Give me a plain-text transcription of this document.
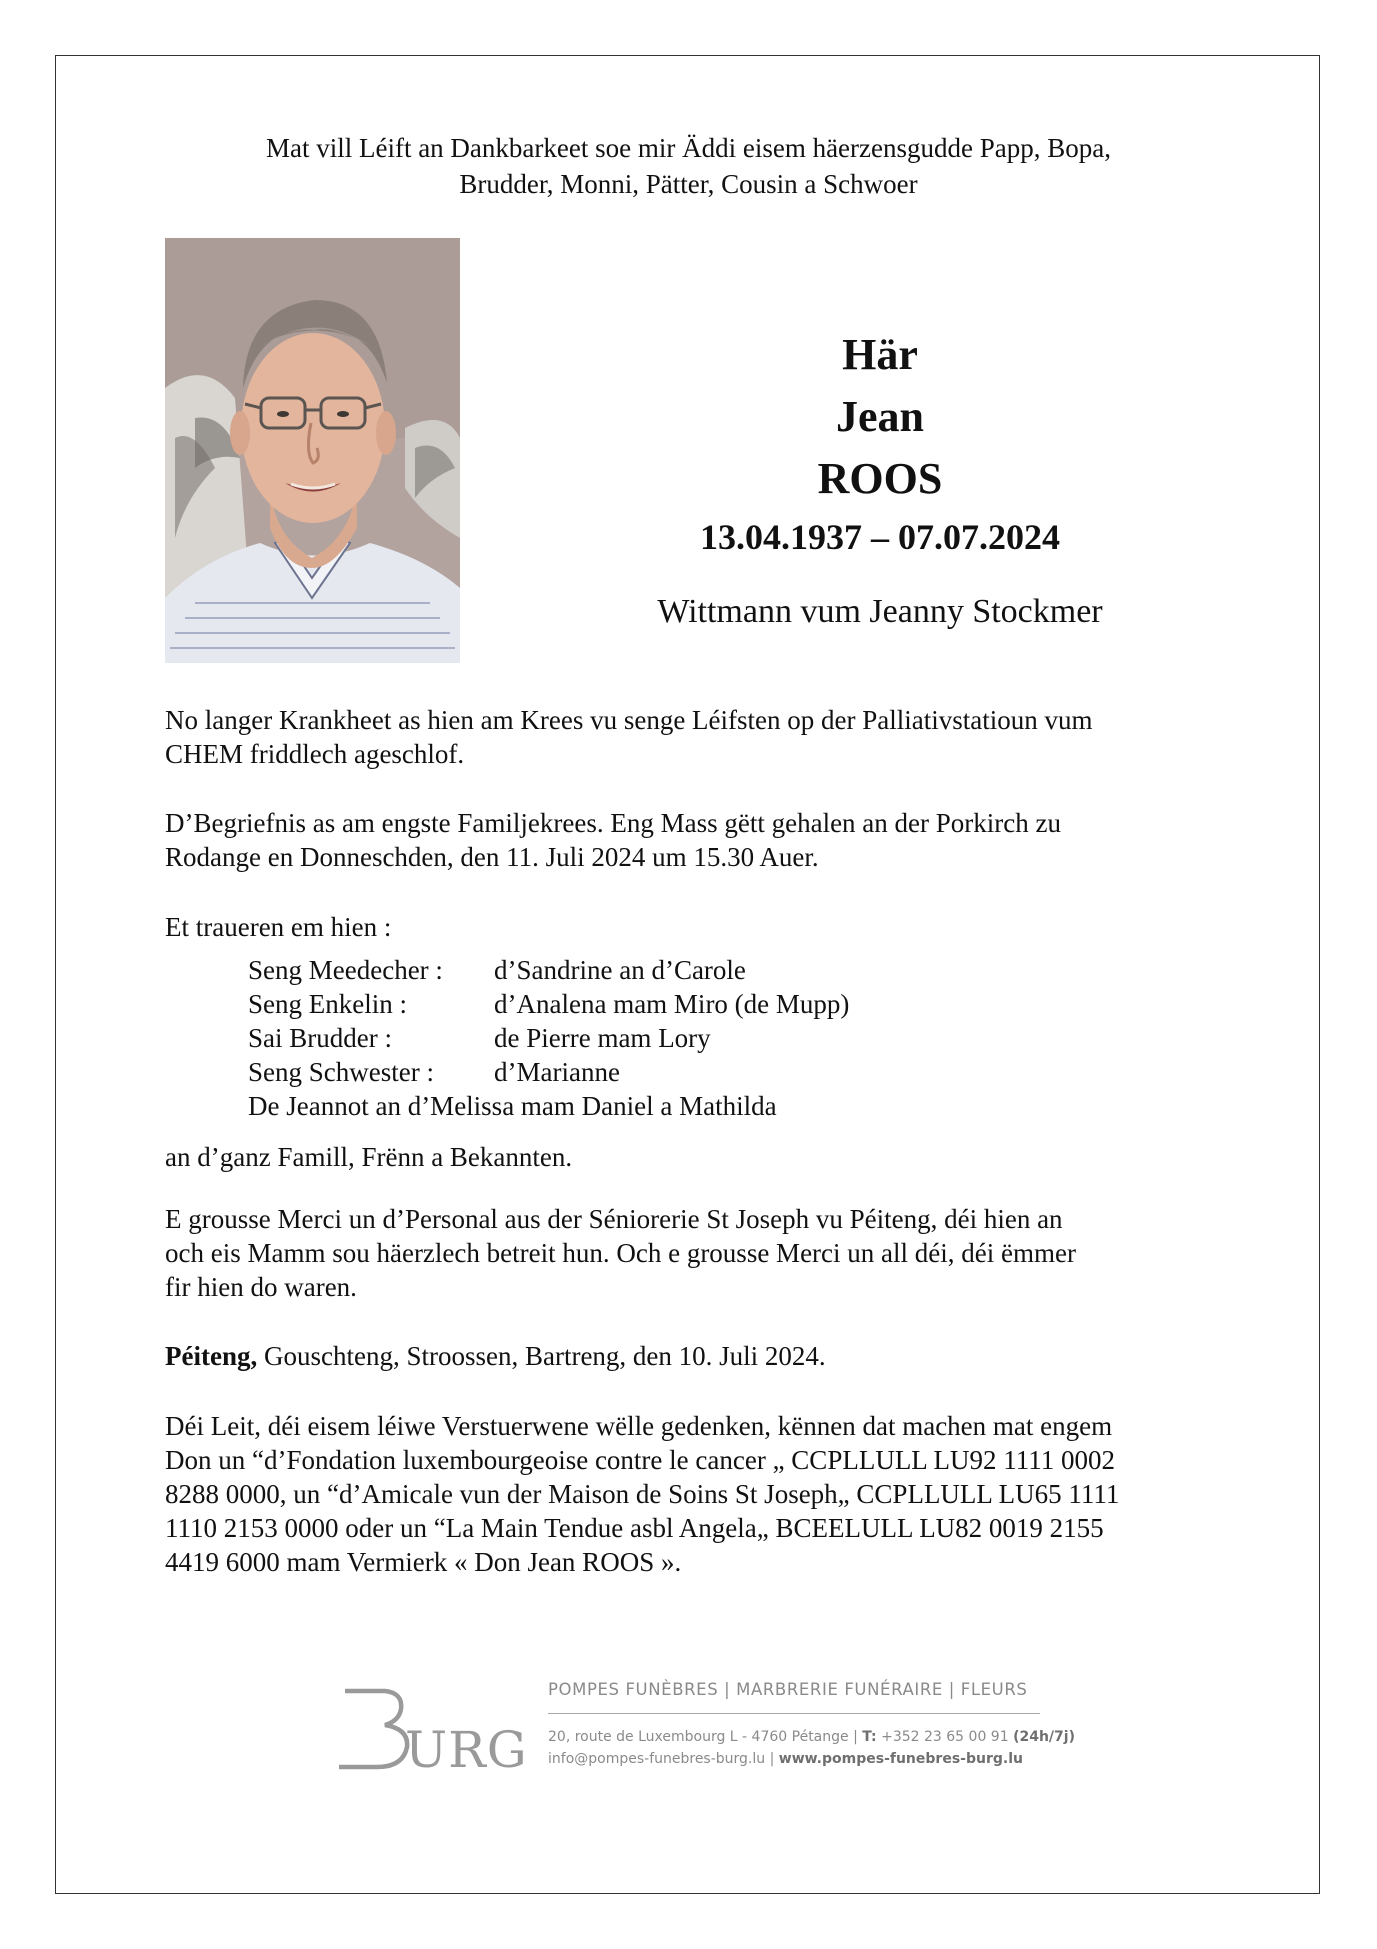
Mat vill Léift an Dankbarkeet soe mir Äddi eisem häerzensgudde Papp, Bopa,
Brudder, Monni, Pätter, Cousin a Schwoer
Här
Jean
ROOS
13.04.1937 – 07.07.2024
Wittmann vum Jeanny Stockmer
No langer Krankheet as hien am Krees vu senge Léifsten op der Palliativstatioun vum
CHEM friddlech ageschlof.
D’Begriefnis as am engste Familjekrees. Eng Mass gëtt gehalen an der Porkirch zu
Rodange en Donneschden, den 11. Juli 2024 um 15.30 Auer.
Et traueren em hien :
Seng Meedecher :	d’Sandrine an d’Carole
Seng Enkelin :	d’Analena mam Miro (de Mupp)
Sai Brudder :	de Pierre mam Lory
Seng Schwester :	d’Marianne
De Jeannot an d’Melissa mam Daniel a Mathilda
an d’ganz Famill, Frënn a Bekannten.
E grousse Merci un d’Personal aus der Séniorerie St Joseph vu Péiteng, déi hien an
och eis Mamm sou häerzlech betreit hun. Och e grousse Merci un all déi, déi ëmmer
fir hien do waren.
Péiteng, Gouschteng, Stroossen, Bartreng, den 10. Juli 2024.
Déi Leit, déi eisem léiwe Verstuerwene wëlle gedenken, kënnen dat machen mat engem
Don un “d’Fondation luxembourgeoise contre le cancer „ CCPLLULL LU92 1111 0002
8288 0000, un “d’Amicale vun der Maison de Soins St Joseph„ CCPLLULL LU65 1111
1110 2153 0000 oder un “La Main Tendue asbl Angela„ BCEELULL LU82 0019 2155
4419 6000 mam Vermierk « Don Jean ROOS ».
URG
POMPES FUNÈBRES | MARBRERIE FUNÉRAIRE | FLEURS
20, route de Luxembourg L - 4760 Pétange | T: +352 23 65 00 91 (24h/7j)
info@pompes-funebres-burg.lu | www.pompes-funebres-burg.lu
